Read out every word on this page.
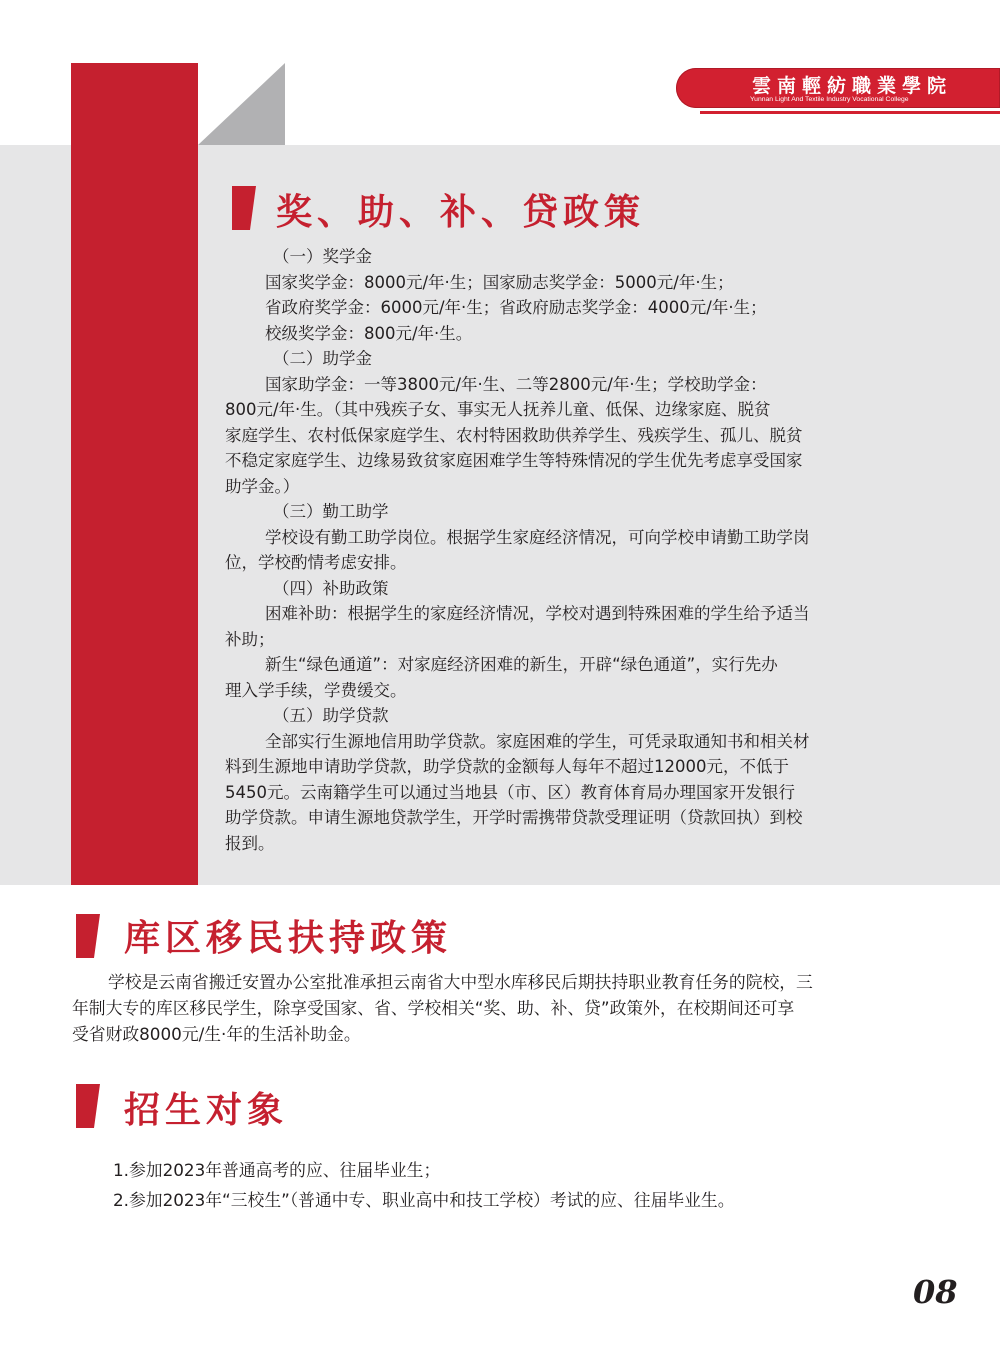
雲南輕紡職業學院
Yunnan Light And Textile Industry Vocational College
奖、助、补、贷政策
（一）奖学金
国家奖学金：8000元/年·生；国家励志奖学金：5000元/年·生；
省政府奖学金：6000元/年·生；省政府励志奖学金：4000元/年·生；
校级奖学金：800元/年·生。
（二）助学金
国家助学金：一等3800元/年·生、二等2800元/年·生；学校助学金：
800元/年·生。（其中残疾子女、事实无人抚养儿童、低保、边缘家庭、脱贫
家庭学生、农村低保家庭学生、农村特困救助供养学生、残疾学生、孤儿、脱贫
不稳定家庭学生、边缘易致贫家庭困难学生等特殊情况的学生优先考虑享受国家
助学金。）
（三）勤工助学
学校设有勤工助学岗位。根据学生家庭经济情况，可向学校申请勤工助学岗
位，学校酌情考虑安排。
（四）补助政策
困难补助：根据学生的家庭经济情况，学校对遇到特殊困难的学生给予适当
补助；
新生“绿色通道”：对家庭经济困难的新生，开辟“绿色通道”，实行先办
理入学手续，学费缓交。
（五）助学贷款
全部实行生源地信用助学贷款。家庭困难的学生，可凭录取通知书和相关材
料到生源地申请助学贷款，助学贷款的金额每人每年不超过12000元，不低于
5450元。云南籍学生可以通过当地县（市、区）教育体育局办理国家开发银行
助学贷款。申请生源地贷款学生，开学时需携带贷款受理证明（贷款回执）到校
报到。
库区移民扶持政策
学校是云南省搬迁安置办公室批准承担云南省大中型水库移民后期扶持职业教育任务的院校，三
年制大专的库区移民学生，除享受国家、省、学校相关“奖、助、补、贷”政策外，在校期间还可享
受省财政8000元/生·年的生活补助金。
招生对象
1.参加2023年普通高考的应、往届毕业生；
2.参加2023年“三校生”（普通中专、职业高中和技工学校）考试的应、往届毕业生。
08
